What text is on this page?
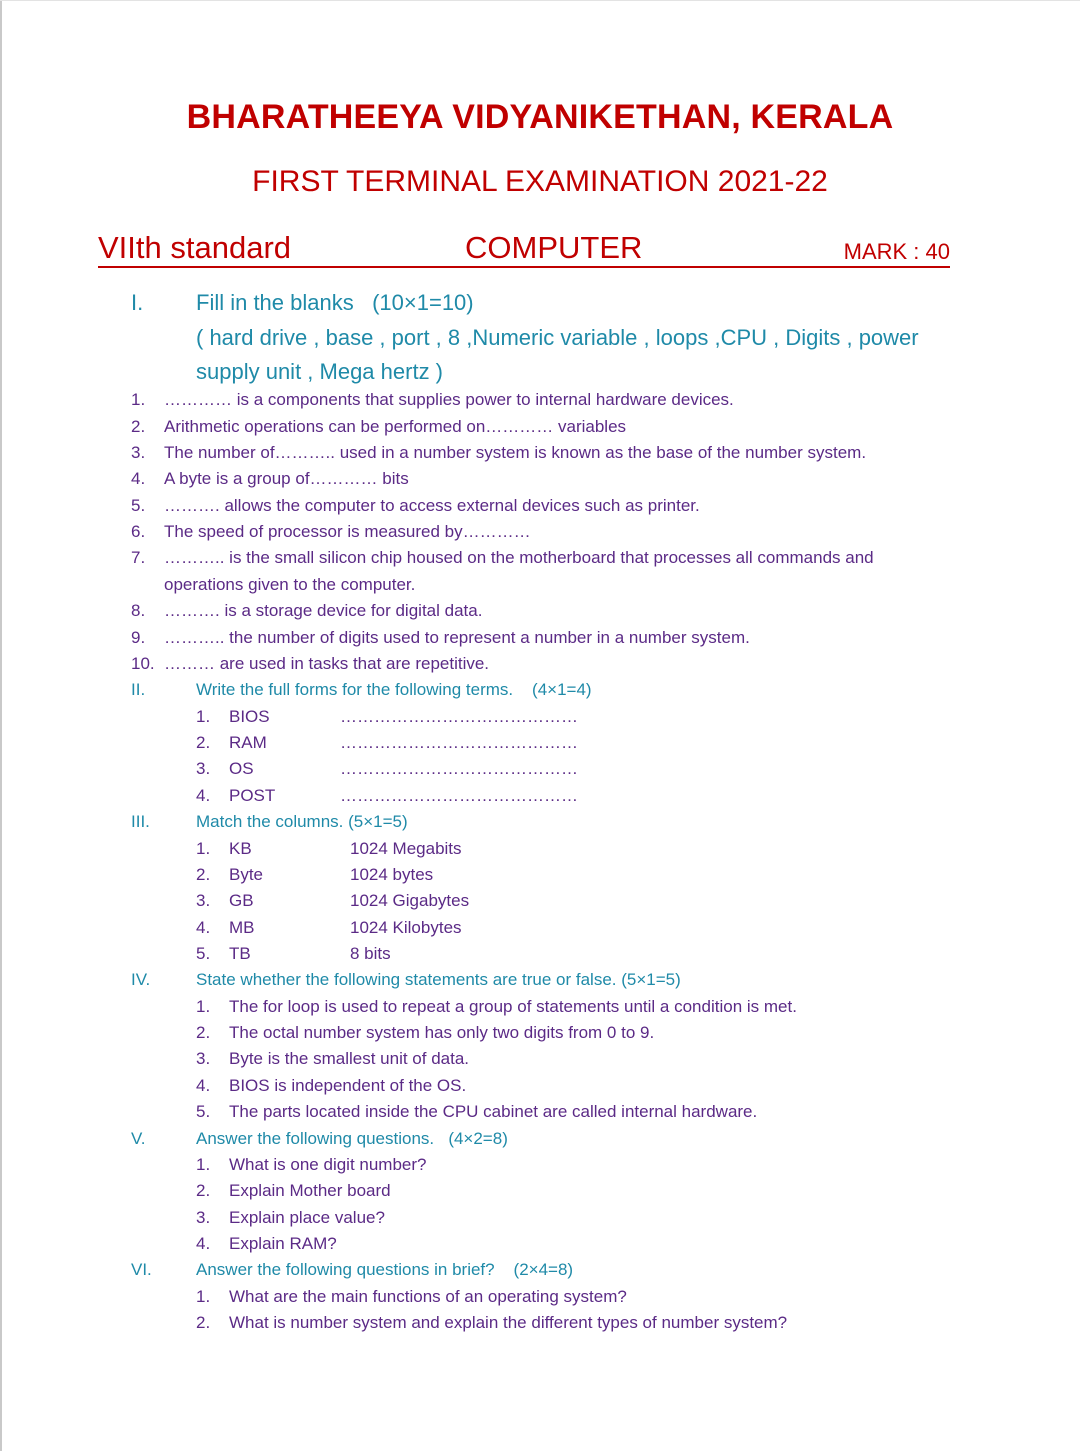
BHARATHEEYA VIDYANIKETHAN, KERALA
FIRST TERMINAL EXAMINATION 2021-22
VIIth standard	COMPUTER	MARK : 40
I. Fill in the blanks (10×1=10)
( hard drive , base , port , 8 ,Numeric variable , loops ,CPU , Digits , power
supply unit , Mega hertz )
1. ………… is a components that supplies power to internal hardware devices.
2. Arithmetic operations can be performed on………… variables
3. The number of……….. used in a number system is known as the base of the number system.
4. A byte is a group of………… bits
5. ………. allows the computer to access external devices such as printer.
6. The speed of processor is measured by…………
7. ……….. is the small silicon chip housed on the motherboard that processes all commands and
operations given to the computer.
8. ………. is a storage device for digital data.
9. ……….. the number of digits used to represent a number in a number system.
10. ……… are used in tasks that are repetitive.
II.	Write the full forms for the following terms. (4×1=4)
1. BIOS	……………………………………
2. RAM	……………………………………
3. OS	……………………………………
4. POST	……………………………………
III.	Match the columns. (5×1=5)
1. KB	1024 Megabits
2. Byte	1024 bytes
3. GB	1024 Gigabytes
4. MB	1024 Kilobytes
5. TB	8 bits
IV.	State whether the following statements are true or false. (5×1=5)
1. The for loop is used to repeat a group of statements until a condition is met.
2. The octal number system has only two digits from 0 to 9.
3. Byte is the smallest unit of data.
4. BIOS is independent of the OS.
5. The parts located inside the CPU cabinet are called internal hardware.
V.	Answer the following questions. (4×2=8)
1. What is one digit number?
2. Explain Mother board
3. Explain place value?
4. Explain RAM?
VI.	Answer the following questions in brief? (2×4=8)
1. What are the main functions of an operating system?
2. What is number system and explain the different types of number system?
